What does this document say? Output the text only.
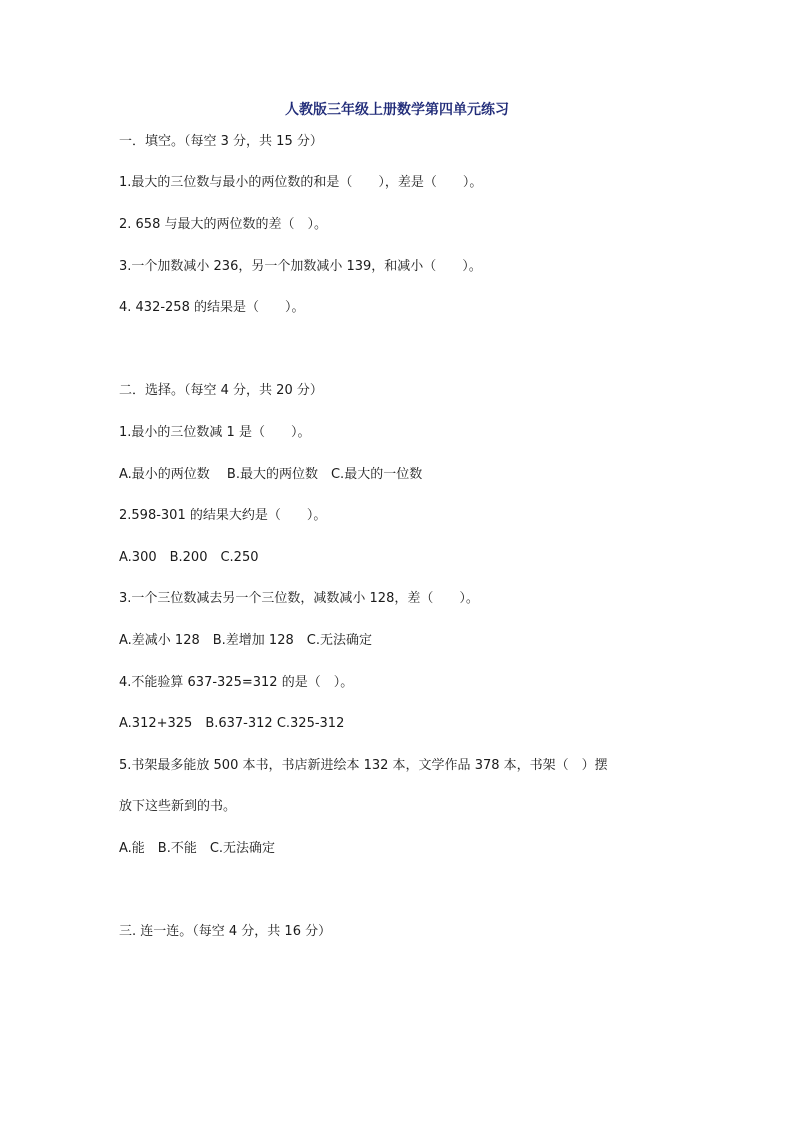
人教版三年级上册数学第四单元练习
一．填空。（每空 3 分，共 15 分）
1.最大的三位数与最小的两位数的和是（　　），差是（　　）。
2. 658 与最大的两位数的差（　）。
3.一个加数减小 236，另一个加数减小 139，和减小（　　）。
4. 432-258 的结果是（　　）。
二．选择。（每空 4 分，共 20 分）
1.最小的三位数减 1 是（　　）。
A.最小的两位数　 B.最大的两位数　C.最大的一位数
2.598-301 的结果大约是（　　）。
A.300　B.200　C.250
3.一个三位数减去另一个三位数，减数减小 128，差（　　）。
A.差减小 128　B.差增加 128　C.无法确定
4.不能验算 637-325=312 的是（　）。
A.312+325　B.637-312 C.325-312
5.书架最多能放 500 本书，书店新进绘本 132 本，文学作品 378 本，书架（　）摆
放下这些新到的书。
A.能　B.不能　C.无法确定
三. 连一连。（每空 4 分，共 16 分）
